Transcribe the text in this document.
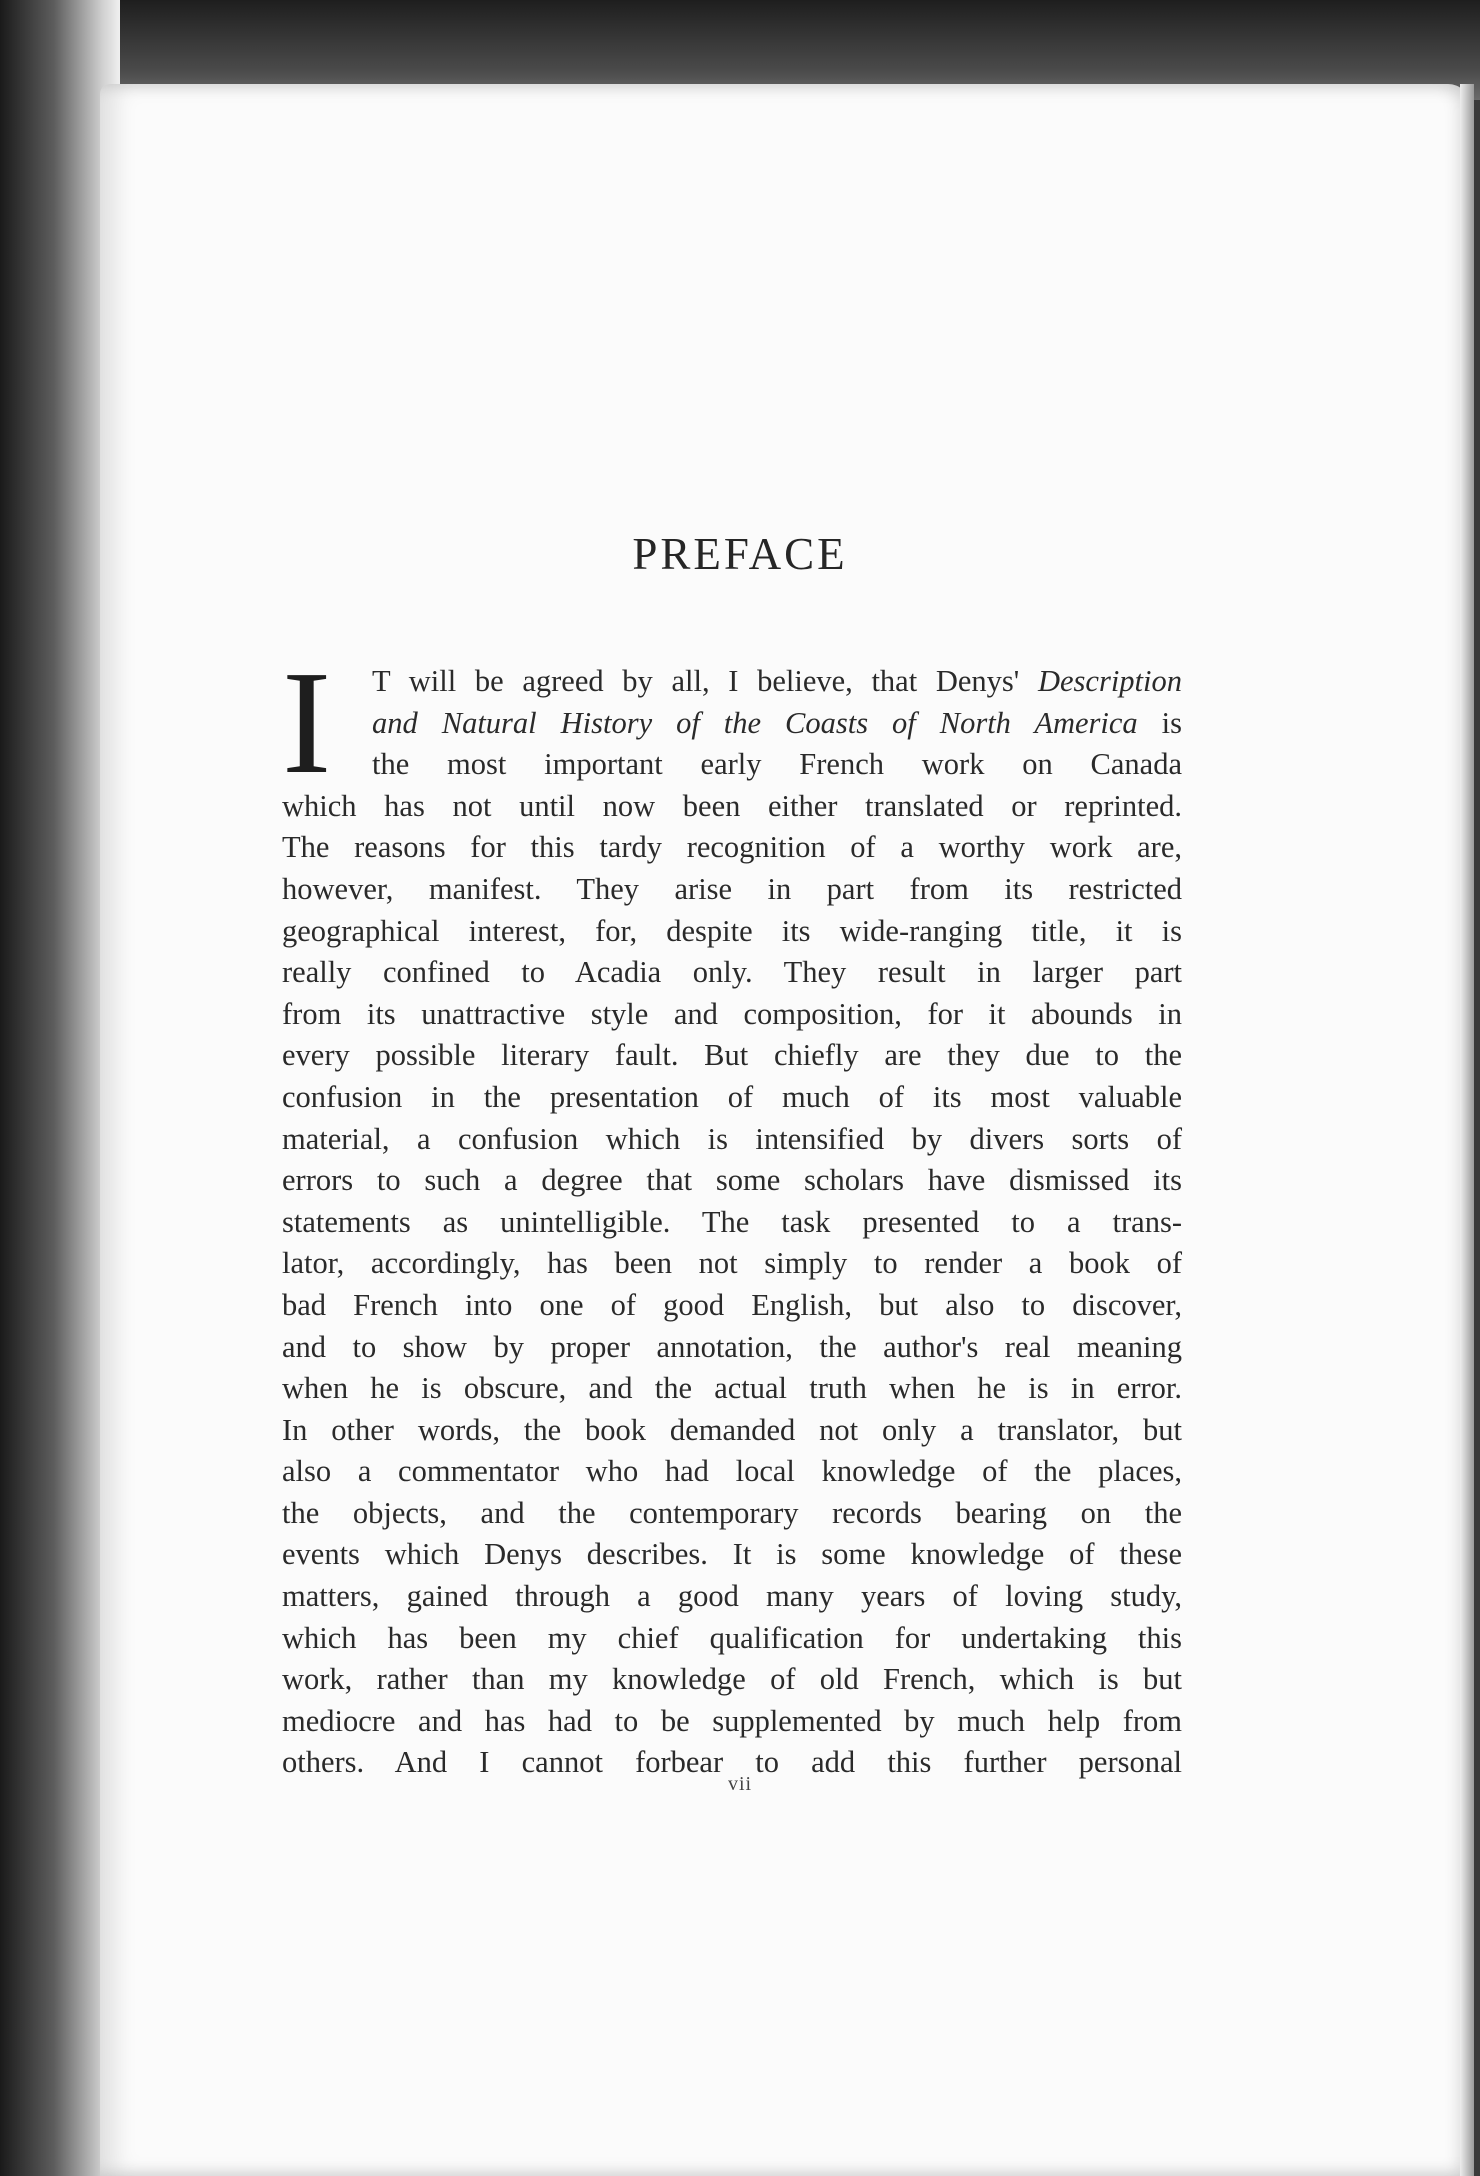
PREFACE
I T will be agreed by all, I believe, that Denys' Description
and Natural History of the Coasts of North America is
the most important early French work on Canada
which has not until now been either translated or reprinted.
The reasons for this tardy recognition of a worthy work are,
however, manifest. They arise in part from its restricted
geographical interest, for, despite its wide-ranging title, it is
really confined to Acadia only. They result in larger part
from its unattractive style and composition, for it abounds in
every possible literary fault. But chiefly are they due to the
confusion in the presentation of much of its most valuable
material, a confusion which is intensified by divers sorts of
errors to such a degree that some scholars have dismissed its
statements as unintelligible. The task presented to a trans-
lator, accordingly, has been not simply to render a book of
bad French into one of good English, but also to discover,
and to show by proper annotation, the author's real meaning
when he is obscure, and the actual truth when he is in error.
In other words, the book demanded not only a translator, but
also a commentator who had local knowledge of the places,
the objects, and the contemporary records bearing on the
events which Denys describes. It is some knowledge of these
matters, gained through a good many years of loving study,
which has been my chief qualification for undertaking this
work, rather than my knowledge of old French, which is but
mediocre and has had to be supplemented by much help from
others. And I cannot forbear to add this further personal
vii
